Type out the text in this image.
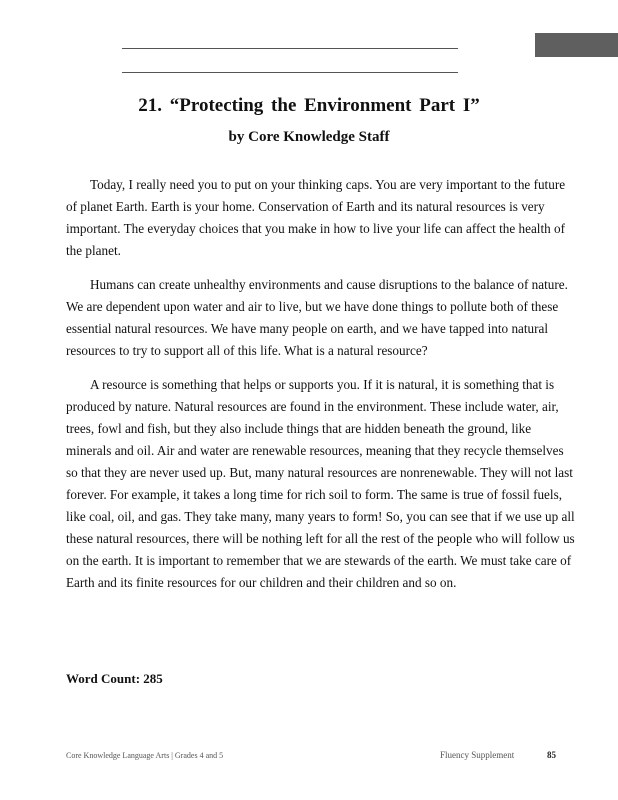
21. “Protecting the Environment Part I”
by Core Knowledge Staff

Today, I really need you to put on your thinking caps. You are very important to the future of planet Earth. Earth is your home. Conservation of Earth and its natural resources is very important. The everyday choices that you make in how to live your life can affect the health of the planet.

Humans can create unhealthy environments and cause disruptions to the balance of nature. We are dependent upon water and air to live, but we have done things to pollute both of these essential natural resources. We have many people on earth, and we have tapped into natural resources to try to support all of this life. What is a natural resource?

A resource is something that helps or supports you. If it is natural, it is something that is produced by nature. Natural resources are found in the environment. These include water, air, trees, fowl and fish, but they also include things that are hidden beneath the ground, like minerals and oil. Air and water are renewable resources, meaning that they recycle themselves so that they are never used up. But, many natural resources are nonrenewable. They will not last forever. For example, it takes a long time for rich soil to form. The same is true of fossil fuels, like coal, oil, and gas. They take many, many years to form! So, you can see that if we use up all these natural resources, there will be nothing left for all the rest of the people who will follow us on the earth. It is important to remember that we are stewards of the earth. We must take care of Earth and its finite resources for our children and their children and so on.

Word Count: 285
Core Knowledge Language Arts | Grades 4 and 5	Fluency Supplement	85
